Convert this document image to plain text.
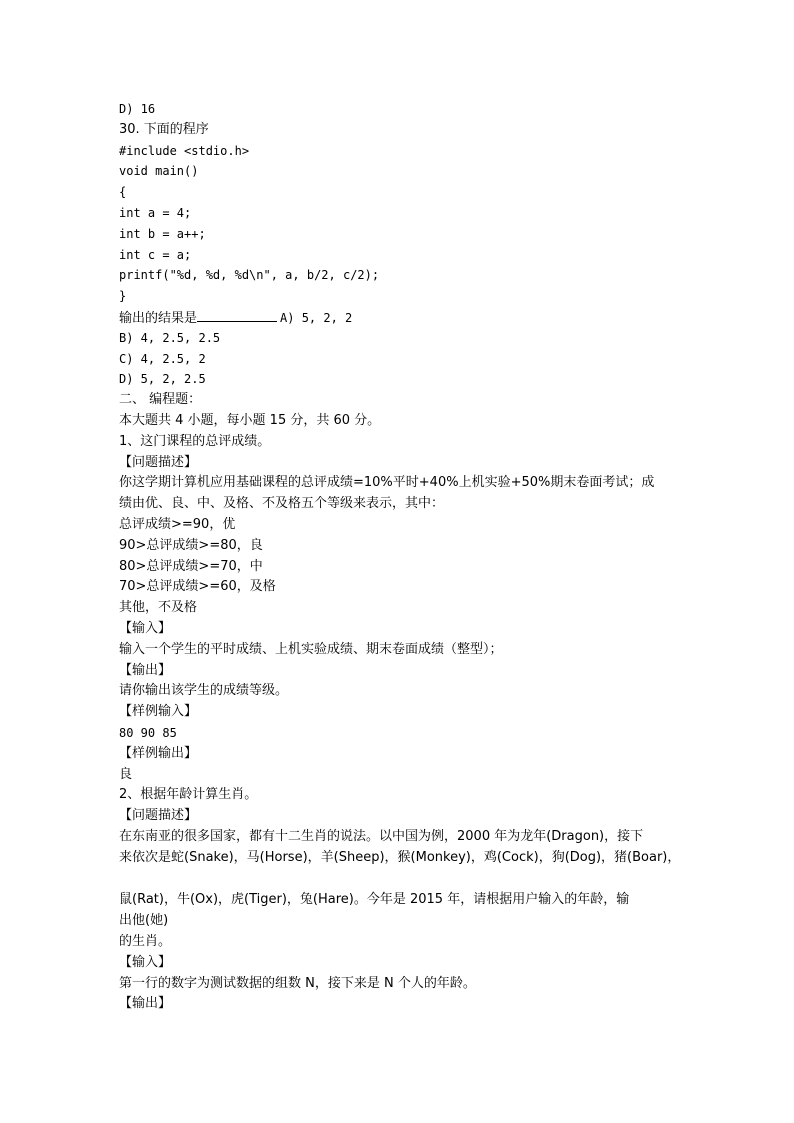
D) 16
30. 下面的程序
#include <stdio.h>
void main()
{
int a = 4;
int b = a++;
int c = a;
printf("%d, %d, %d\n", a, b/2, c/2);
}
输出的结果是	A) 5, 2, 2
B) 4, 2.5, 2.5
C) 4, 2.5, 2
D) 5, 2, 2.5
二、 编程题：
本大题共 4 小题，每小题 15 分，共 60 分。
1、这门课程的总评成绩。
【问题描述】
你这学期计算机应用基础课程的总评成绩=10%平时+40%上机实验+50%期末卷面考试；成
绩由优、良、中、及格、不及格五个等级来表示，其中：
总评成绩>=90，优
90>总评成绩>=80，良
80>总评成绩>=70，中
70>总评成绩>=60，及格
其他，不及格
【输入】
输入一个学生的平时成绩、上机实验成绩、期末卷面成绩（整型）；
【输出】
请你输出该学生的成绩等级。
【样例输入】
80 90 85
【样例输出】
良
2、根据年龄计算生肖。
【问题描述】
在东南亚的很多国家，都有十二生肖的说法。以中国为例，2000 年为龙年(Dragon)，接下
来依次是蛇(Snake)，马(Horse)，羊(Sheep)，猴(Monkey)，鸡(Cock)，狗(Dog)，猪(Boar)，
鼠(Rat)，牛(Ox)，虎(Tiger)，兔(Hare)。今年是 2015 年，请根据用户输入的年龄，输
出他(她)
的生肖。
【输入】
第一行的数字为测试数据的组数 N，接下来是 N 个人的年龄。
【输出】
